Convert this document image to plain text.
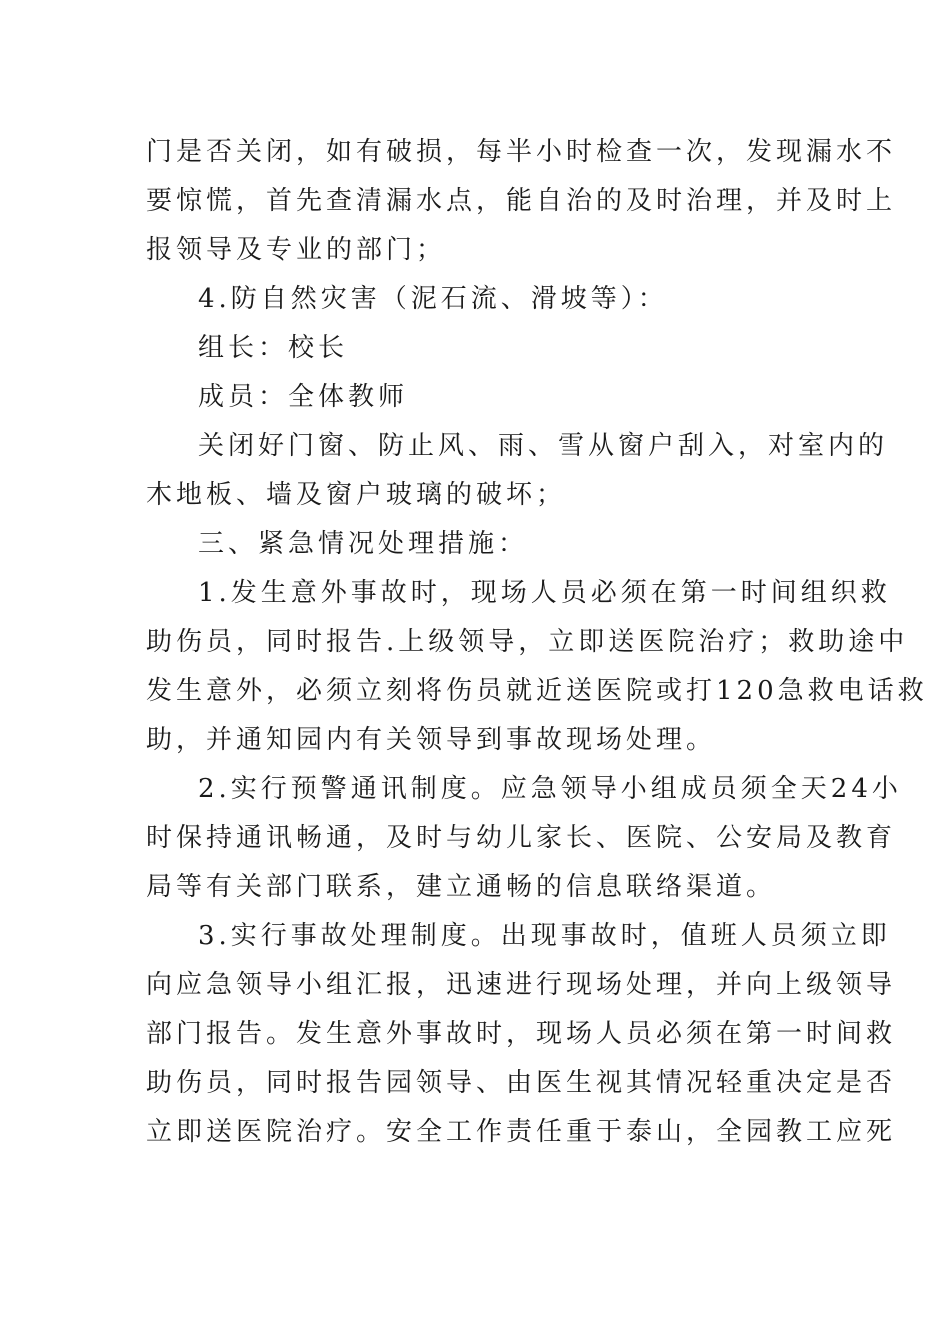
门是否关闭，如有破损，每半小时检查一次，发现漏水不
要惊慌，首先查清漏水点，能自治的及时治理，并及时上
报领导及专业的部门；
4.防自然灾害（泥石流、滑坡等）：
组长：校长
成员：全体教师
关闭好门窗、防止风、雨、雪从窗户刮入，对室内的
木地板、墙及窗户玻璃的破坏；
三、紧急情况处理措施：
1.发生意外事故时，现场人员必须在第一时间组织救
助伤员，同时报告.上级领导，立即送医院治疗；救助途中
发生意外，必须立刻将伤员就近送医院或打120急救电话救
助，并通知园内有关领导到事故现场处理。
2.实行预警通讯制度。应急领导小组成员须全天24小
时保持通讯畅通，及时与幼儿家长、医院、公安局及教育
局等有关部门联系，建立通畅的信息联络渠道。
3.实行事故处理制度。出现事故时，值班人员须立即
向应急领导小组汇报，迅速进行现场处理，并向上级领导
部门报告。发生意外事故时，现场人员必须在第一时间救
助伤员，同时报告园领导、由医生视其情况轻重决定是否
立即送医院治疗。安全工作责任重于泰山，全园教工应死
